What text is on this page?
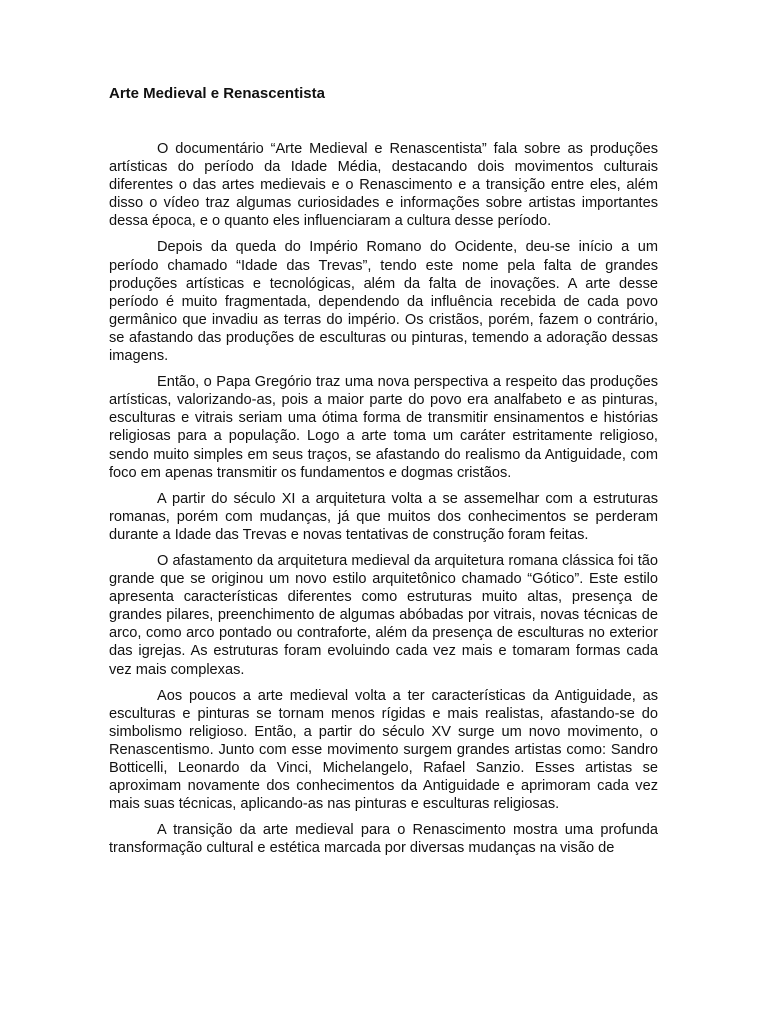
Arte Medieval e Renascentista

O documentário “Arte Medieval e Renascentista” fala sobre as produções artísticas do período da Idade Média, destacando dois movimentos culturais diferentes o das artes medievais e o Renascimento e a transição entre eles, além disso o vídeo traz algumas curiosidades e informações sobre artistas importantes dessa época, e o quanto eles influenciaram a cultura desse período.

Depois da queda do Império Romano do Ocidente, deu-se início a um período chamado “Idade das Trevas”, tendo este nome pela falta de grandes produções artísticas e tecnológicas, além da falta de inovações. A arte desse período é muito fragmentada, dependendo da influência recebida de cada povo germânico que invadiu as terras do império. Os cristãos, porém, fazem o contrário, se afastando das produções de esculturas ou pinturas, temendo a adoração dessas imagens.

Então, o Papa Gregório traz uma nova perspectiva a respeito das produções artísticas, valorizando-as, pois a maior parte do povo era analfabeto e as pinturas, esculturas e vitrais seriam uma ótima forma de transmitir ensinamentos e histórias religiosas para a população. Logo a arte toma um caráter estritamente religioso, sendo muito simples em seus traços, se afastando do realismo da Antiguidade, com foco em apenas transmitir os fundamentos e dogmas cristãos.

A partir do século XI a arquitetura volta a se assemelhar com a estruturas romanas, porém com mudanças, já que muitos dos conhecimentos se perderam durante a Idade das Trevas e novas tentativas de construção foram feitas.

O afastamento da arquitetura medieval da arquitetura romana clássica foi tão grande que se originou um novo estilo arquitetônico chamado “Gótico”. Este estilo apresenta características diferentes como estruturas muito altas, presença de grandes pilares, preenchimento de algumas abóbadas por vitrais, novas técnicas de arco, como arco pontado ou contraforte, além da presença de esculturas no exterior das igrejas. As estruturas foram evoluindo cada vez mais e tomaram formas cada vez mais complexas.

Aos poucos a arte medieval volta a ter características da Antiguidade, as esculturas e pinturas se tornam menos rígidas e mais realistas, afastando-se do simbolismo religioso. Então, a partir do século XV surge um novo movimento, o Renascentismo. Junto com esse movimento surgem grandes artistas como: Sandro Botticelli, Leonardo da Vinci, Michelangelo, Rafael Sanzio. Esses artistas se aproximam novamente dos conhecimentos da Antiguidade e aprimoram cada vez mais suas técnicas, aplicando-as nas pinturas e esculturas religiosas.

A transição da arte medieval para o Renascimento mostra uma profunda transformação cultural e estética marcada por diversas mudanças na visão de
